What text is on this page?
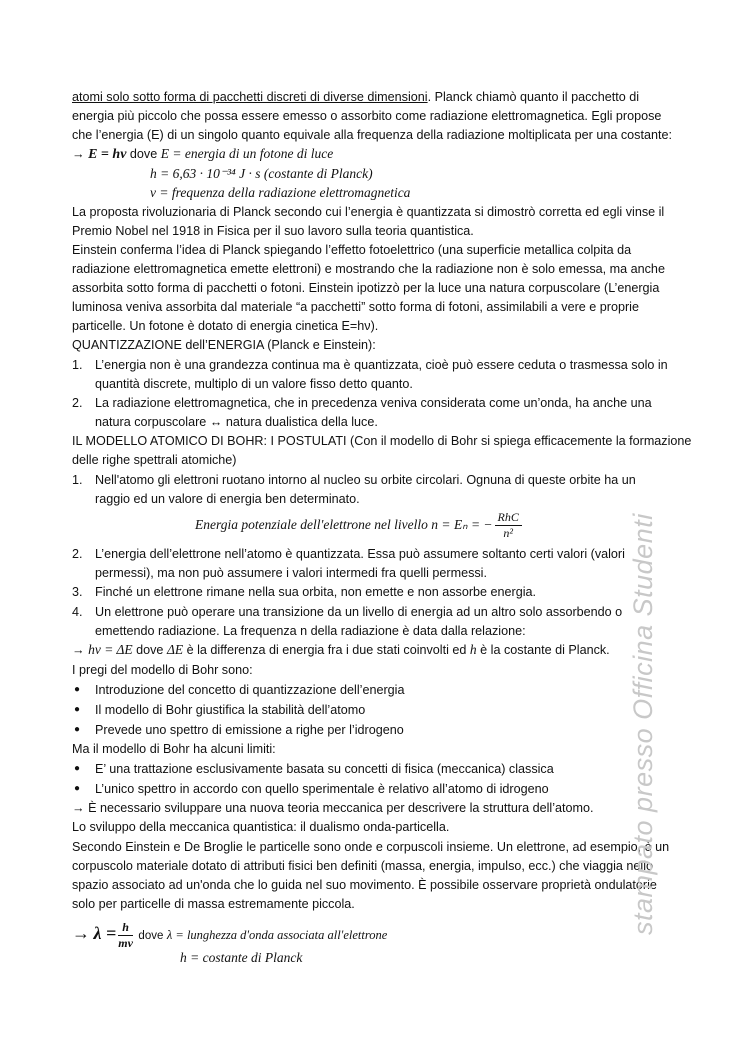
atomi solo sotto forma di pacchetti discreti di diverse dimensioni. Planck chiamò quanto il pacchetto di
energia più piccolo che possa essere emesso o assorbito come radiazione elettromagnetica. Egli propose
che l’energia (E) di un singolo quanto equivale alla frequenza della radiazione moltiplicata per una costante:
→ E = hν dove E = energia di un fotone di luce
h = 6,63 · 10⁻³⁴ J · s (costante di Planck)
ν = frequenza della radiazione elettromagnetica
La proposta rivoluzionaria di Planck secondo cui l’energia è quantizzata si dimostrò corretta ed egli vinse il
Premio Nobel nel 1918 in Fisica per il suo lavoro sulla teoria quantistica.
Einstein conferma l’idea di Planck spiegando l’effetto fotoelettrico (una superficie metallica colpita da
radiazione elettromagnetica emette elettroni) e mostrando che la radiazione non è solo emessa, ma anche
assorbita sotto forma di pacchetti o fotoni. Einstein ipotizzò per la luce una natura corpuscolare (L’energia
luminosa veniva assorbita dal materiale “a pacchetti” sotto forma di fotoni, assimilabili a vere e proprie
particelle. Un fotone è dotato di energia cinetica E=hν).
QUANTIZZAZIONE dell’ENERGIA (Planck e Einstein):
1. L’energia non è una grandezza continua ma è quantizzata, cioè può essere ceduta o trasmessa solo in
quantità discrete, multiplo di un valore fisso detto quanto.
2. La radiazione elettromagnetica, che in precedenza veniva considerata come un’onda, ha anche una
natura corpuscolare ↔ natura dualistica della luce.
IL MODELLO ATOMICO DI BOHR: I POSTULATI (Con il modello di Bohr si spiega efficacemente la formazione
delle righe spettrali atomiche)
1. Nell'atomo gli elettroni ruotano intorno al nucleo su orbite circolari. Ognuna di queste orbite ha un
raggio ed un valore di energia ben determinato.
Energia potenziale dell'elettrone nel livello n = Eₙ = − $\frac{\text{RhC}}{\text{n²}}$
2. L’energia dell’elettrone nell’atomo è quantizzata. Essa può assumere soltanto certi valori (valori
permessi), ma non può assumere i valori intermedi fra quelli permessi.
3. Finché un elettrone rimane nella sua orbita, non emette e non assorbe energia.
4. Un elettrone può operare una transizione da un livello di energia ad un altro solo assorbendo o
emettendo radiazione. La frequenza n della radiazione è data dalla relazione:
→ hν = ΔE dove ΔE è la differenza di energia fra i due stati coinvolti ed h è la costante di Planck.
I pregi del modello di Bohr sono:
● Introduzione del concetto di quantizzazione dell’energia
● Il modello di Bohr giustifica la stabilità dell’atomo
● Prevede uno spettro di emissione a righe per l’idrogeno
Ma il modello di Bohr ha alcuni limiti:
● E’ una trattazione esclusivamente basata su concetti di fisica (meccanica) classica
● L’unico spettro in accordo con quello sperimentale è relativo all’atomo di idrogeno
→ È necessario sviluppare una nuova teoria meccanica per descrivere la struttura dell’atomo.
Lo sviluppo della meccanica quantistica: il dualismo onda-particella.
Secondo Einstein e De Broglie le particelle sono onde e corpuscoli insieme. Un elettrone, ad esempio, è un
corpuscolo materiale dotato di attributi fisici ben definiti (massa, energia, impulso, ecc.) che viaggia nello
spazio associato ad un'onda che lo guida nel suo movimento. È possibile osservare proprietà ondulatorie
solo per particelle di massa estremamente piccola.
→ $\lambda = \frac{h}{mv}$ dove λ = lunghezza d'onda associata all'elettrone
h = costante di Planck
stampato presso Officina Studenti
